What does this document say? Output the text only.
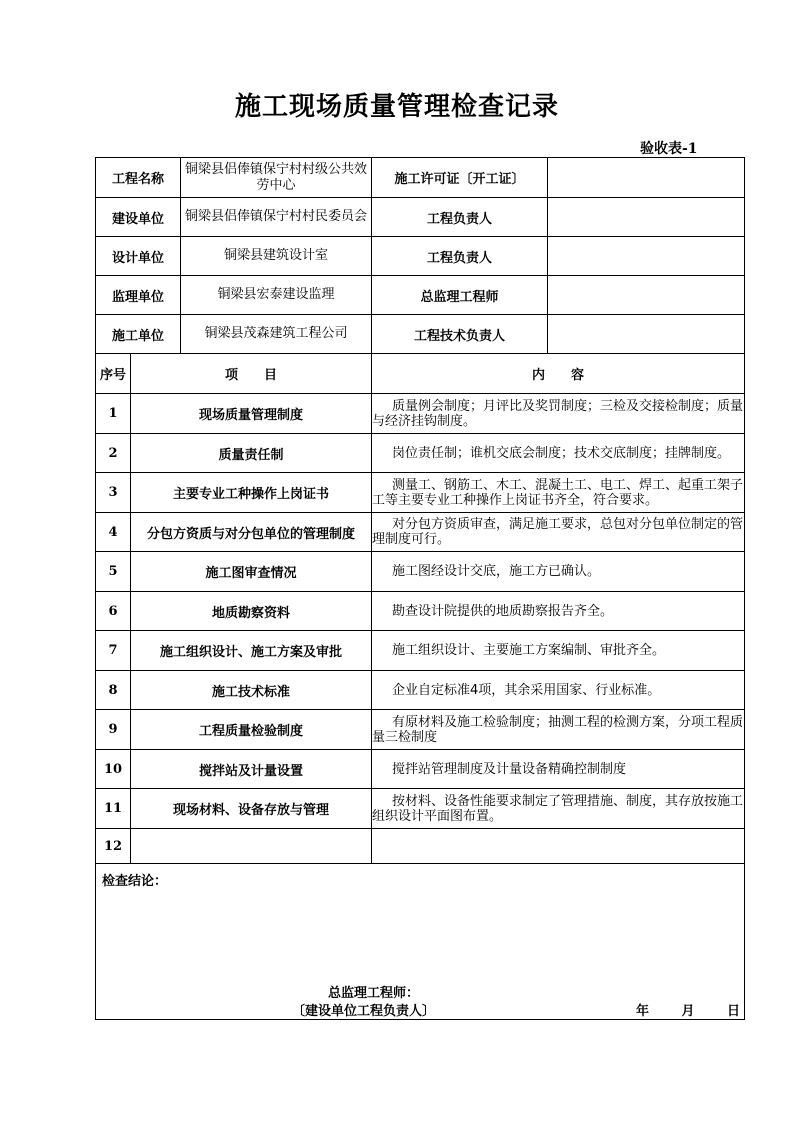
施工现场质量管理检查记录
验收表-1
工程名称		铜梁县侣俸镇保宁村村级公共效劳中心	施工许可证〔开工证〕	
建设单位		铜梁县侣俸镇保宁村村民委员会	工程负责人	
设计单位		铜梁县建筑设计室	工程负责人	
监理单位		铜梁县宏泰建设监理	总监理工程师	
施工单位		铜梁县茂森建筑工程公司	工程技术负责人	
序号	项　　目		内　　容	
1	现场质量管理制度		质量例会制度；月评比及奖罚制度；三检及交接检制度；质量与经济挂钩制度。	
2	质量责任制		岗位责任制；谁机交底会制度；技术交底制度；挂牌制度。	
3	主要专业工种操作上岗证书		测量工、钢筋工、木工、混凝土工、电工、焊工、起重工架子工等主要专业工种操作上岗证书齐全，符合要求。	
4	分包方资质与对分包单位的管理制度		对分包方资质审查，满足施工要求，总包对分包单位制定的管理制度可行。	
5	施工图审查情况		施工图经设计交底，施工方已确认。	
6	地质勘察资料		勘查设计院提供的地质勘察报告齐全。	
7	施工组织设计、施工方案及审批		施工组织设计、主要施工方案编制、审批齐全。	
8	施工技术标准		企业自定标准4项，其余采用国家、行业标准。	
9	工程质量检验制度		有原材料及施工检验制度；抽测工程的检测方案，分项工程质量三检制度	
10	搅拌站及计量设置		搅拌站管理制度及计量设备精确控制制度	
11	现场材料、设备存放与管理		按材料、设备性能要求制定了管理措施、制度，其存放按施工组织设计平面图布置。	
12				

检查结论：
总监理工程师：
〔建设单位工程负责人〕 年 月 日				
